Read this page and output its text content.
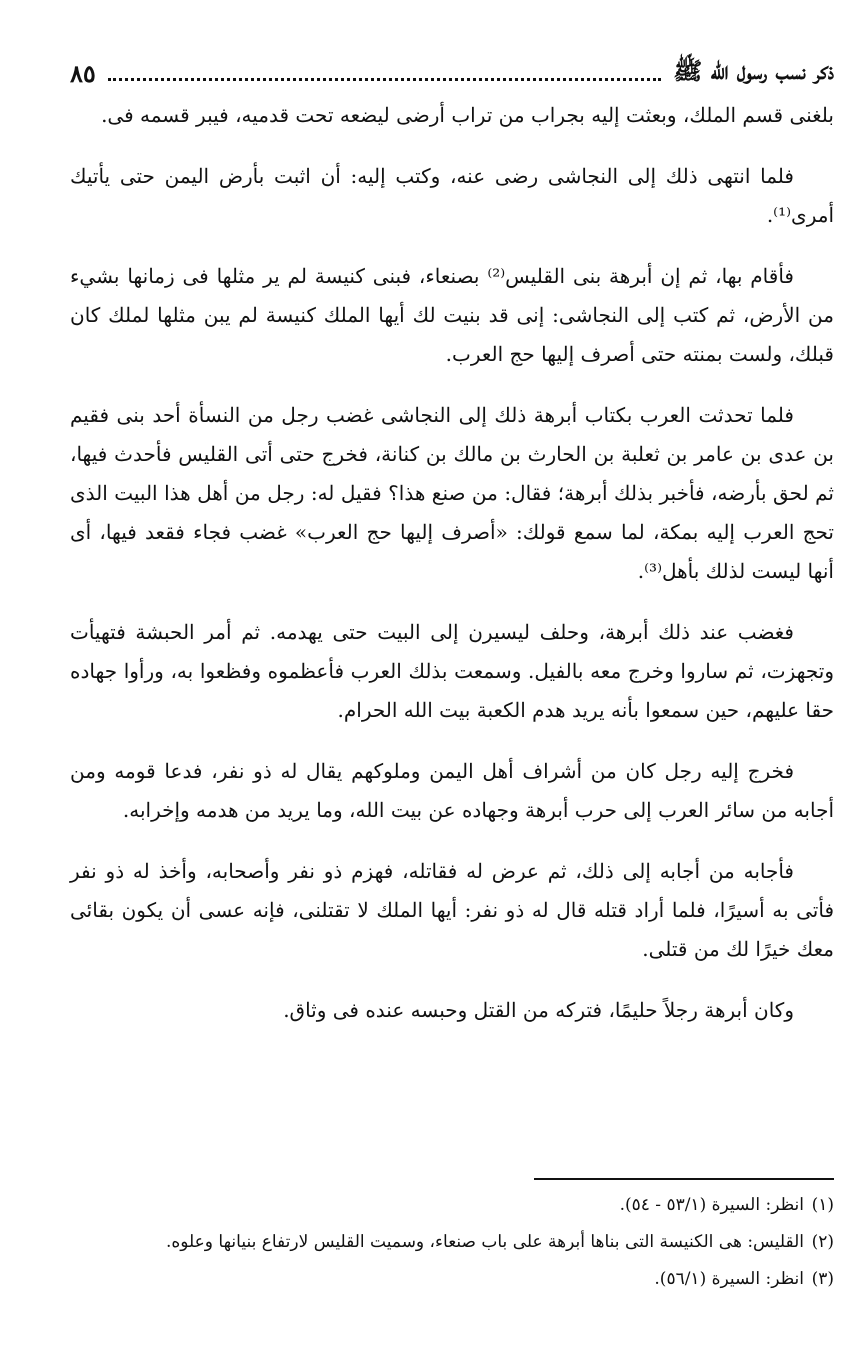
ذكر نسب رسول الله ﷺ
٨٥

بلغنى قسم الملك، وبعثت إليه بجراب من تراب أرضى ليضعه تحت قدميه، فيبر قسمه فى.

فلما انتهى ذلك إلى النجاشى رضى عنه، وكتب إليه: أن اثبت بأرض اليمن حتى يأتيك أمرى⁽¹⁾.

فأقام بها، ثم إن أبرهة بنى القليس⁽²⁾ بصنعاء، فبنى كنيسة لم ير مثلها فى زمانها بشيء من الأرض، ثم كتب إلى النجاشى: إنى قد بنيت لك أيها الملك كنيسة لم يبن مثلها لملك كان قبلك، ولست بمنته حتى أصرف إليها حج العرب.

فلما تحدثت العرب بكتاب أبرهة ذلك إلى النجاشى غضب رجل من النسأة أحد بنى فقيم بن عدى بن عامر بن ثعلبة بن الحارث بن مالك بن كنانة، فخرج حتى أتى القليس فأحدث فيها، ثم لحق بأرضه، فأخبر بذلك أبرهة؛ فقال: من صنع هذا؟ فقيل له: رجل من أهل هذا البيت الذى تحج العرب إليه بمكة، لما سمع قولك: «أصرف إليها حج العرب» غضب فجاء فقعد فيها، أى أنها ليست لذلك بأهل⁽³⁾.

فغضب عند ذلك أبرهة، وحلف ليسيرن إلى البيت حتى يهدمه. ثم أمر الحبشة فتهيأت وتجهزت، ثم ساروا وخرج معه بالفيل. وسمعت بذلك العرب فأعظموه وفظعوا به، ورأوا جهاده حقا عليهم، حين سمعوا بأنه يريد هدم الكعبة بيت الله الحرام.

فخرج إليه رجل كان من أشراف أهل اليمن وملوكهم يقال له ذو نفر، فدعا قومه ومن أجابه من سائر العرب إلى حرب أبرهة وجهاده عن بيت الله، وما يريد من هدمه وإخرابه.

فأجابه من أجابه إلى ذلك، ثم عرض له فقاتله، فهزم ذو نفر وأصحابه، وأخذ له ذو نفر فأتى به أسيرًا، فلما أراد قتله قال له ذو نفر: أيها الملك لا تقتلنى، فإنه عسى أن يكون بقائى معك خيرًا لك من قتلى.

وكان أبرهة رجلاً حليمًا، فتركه من القتل وحبسه عنده فى وثاق.

(١)
انظر: السيرة (٥٣/١ - ٥٤).
(٢)
القليس: هى الكنيسة التى بناها أبرهة على باب صنعاء، وسميت القليس لارتفاع بنيانها وعلوه.
(٣)
انظر: السيرة (٥٦/١).
